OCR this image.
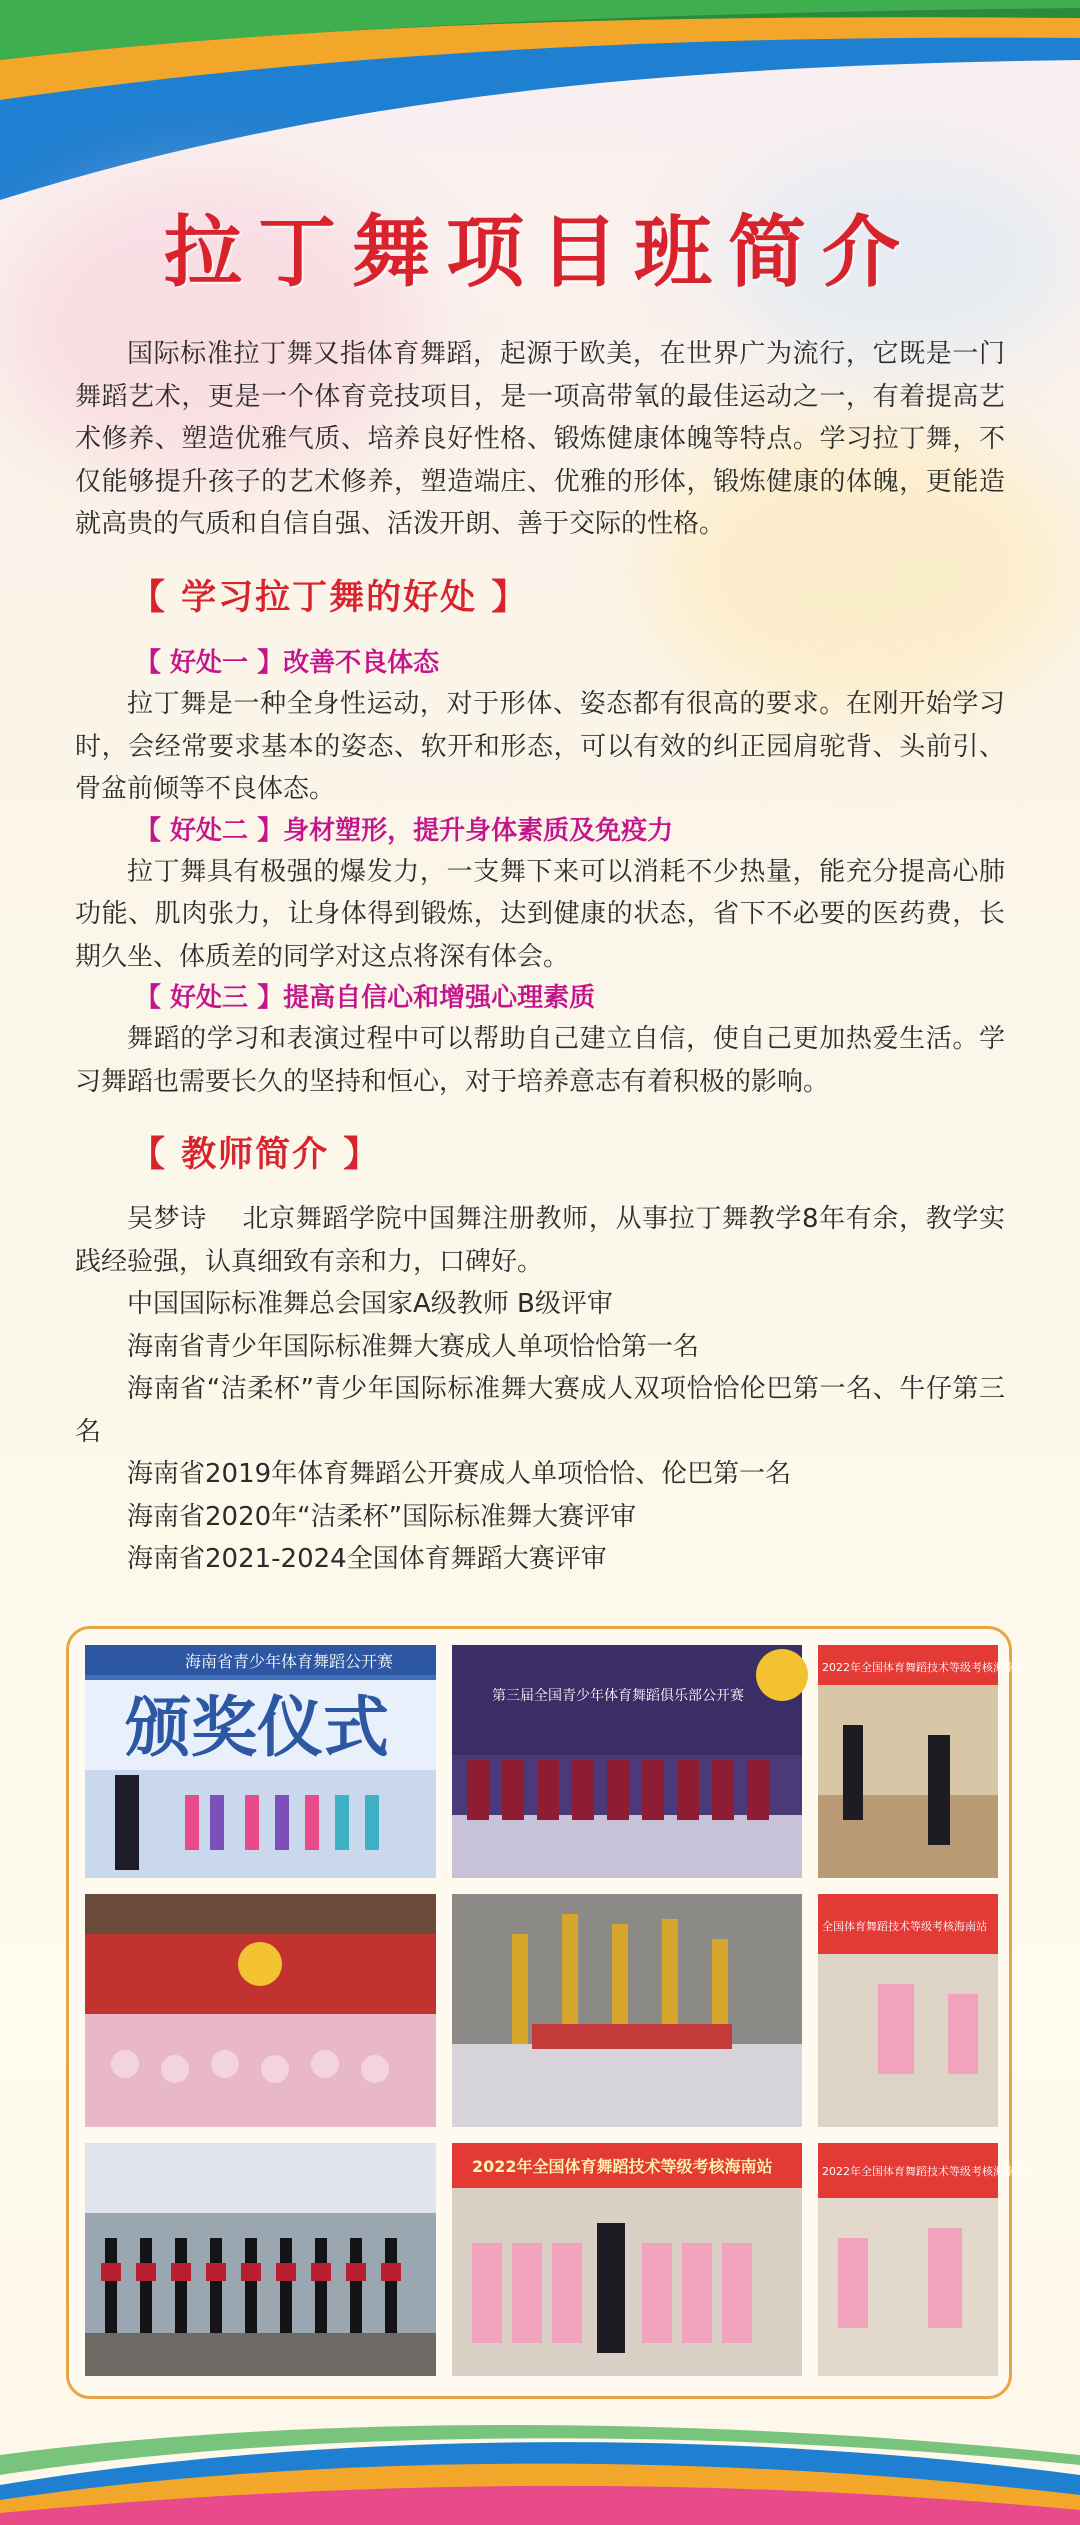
拉丁舞项目班简介

国际标准拉丁舞又指体育舞蹈，起源于欧美，在世界广为流行，它既是一门舞蹈艺术，更是一个体育竞技项目，是一项高带氧的最佳运动之一，有着提高艺术修养、塑造优雅气质、培养良好性格、锻炼健康体魄等特点。学习拉丁舞，不仅能够提升孩子的艺术修养，塑造端庄、优雅的形体，锻炼健康的体魄，更能造就高贵的气质和自信自强、活泼开朗、善于交际的性格。

【 学习拉丁舞的好处 】
【 好处一 】改善不良体态

拉丁舞是一种全身性运动，对于形体、姿态都有很高的要求。在刚开始学习时，会经常要求基本的姿态、软开和形态，可以有效的纠正园肩驼背、头前引、骨盆前倾等不良体态。

【 好处二 】身材塑形，提升身体素质及免疫力

拉丁舞具有极强的爆发力，一支舞下来可以消耗不少热量，能充分提高心肺功能、肌肉张力，让身体得到锻炼，达到健康的状态，省下不必要的医药费，长期久坐、体质差的同学对这点将深有体会。

【 好处三 】提高自信心和增强心理素质

舞蹈的学习和表演过程中可以帮助自己建立自信，使自己更加热爱生活。学习舞蹈也需要长久的坚持和恒心，对于培养意志有着积极的影响。

【 教师简介 】

吴梦诗　 北京舞蹈学院中国舞注册教师，从事拉丁舞教学8年有余，教学实践经验强，认真细致有亲和力，口碑好。

中国国际标准舞总会国家A级教师 B级评审

海南省青少年国际标准舞大赛成人单项恰恰第一名

海南省“洁柔杯”青少年国际标准舞大赛成人双项恰恰伦巴第一名、牛仔第三名

海南省2019年体育舞蹈公开赛成人单项恰恰、伦巴第一名

海南省2020年“洁柔杯”国际标准舞大赛评审

海南省2021-2024全国体育舞蹈大赛评审

海南省青少年体育舞蹈公开赛
颁奖仪式	第三届全国青少年体育舞蹈俱乐部公开赛
2022年全国体育舞蹈技术等级考核海南站
全国体育舞蹈技术等级考核海南站
2022年全国体育舞蹈技术等级考核海南站	2022年全国体育舞蹈技术等级考核海南站
